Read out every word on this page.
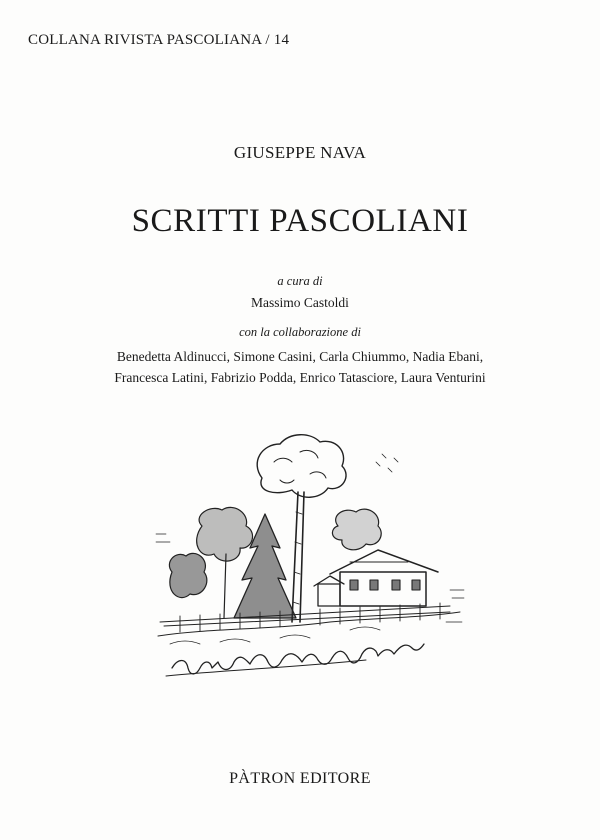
COLLANA RIVISTA PASCOLIANA / 14
GIUSEPPE NAVA
SCRITTI PASCOLIANI
a cura di
Massimo Castoldi
con la collaborazione di
Benedetta Aldinucci, Simone Casini, Carla Chiummo, Nadia Ebani,
Francesca Latini, Fabrizio Podda, Enrico Tatasciore, Laura Venturini
PÀTRON EDITORE
